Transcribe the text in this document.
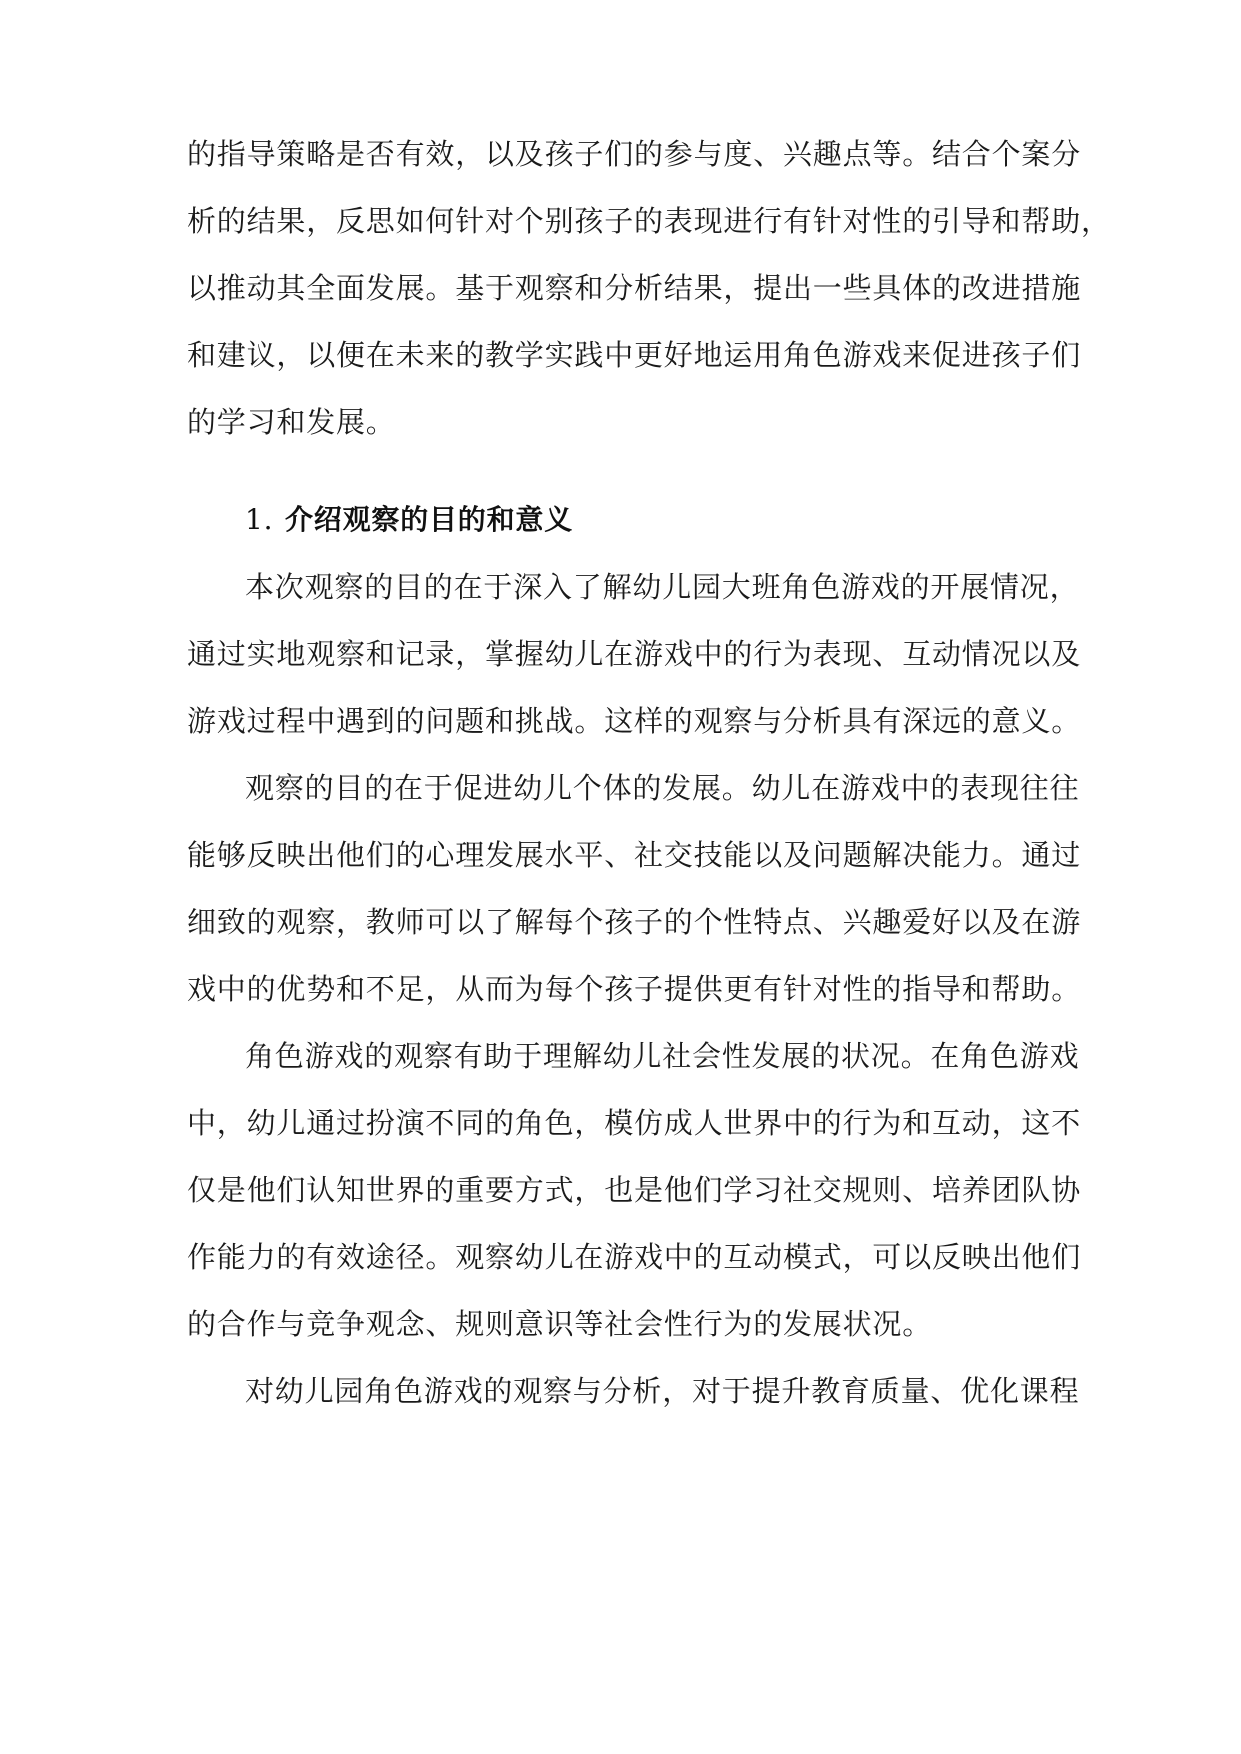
的指导策略是否有效，以及孩子们的参与度、兴趣点等。结合个案分

析的结果，反思如何针对个别孩子的表现进行有针对性的引导和帮助，

以推动其全面发展。基于观察和分析结果，提出一些具体的改进措施

和建议，以便在未来的教学实践中更好地运用角色游戏来促进孩子们

的学习和发展。

1. 介绍观察的目的和意义

本次观察的目的在于深入了解幼儿园大班角色游戏的开展情况，

通过实地观察和记录，掌握幼儿在游戏中的行为表现、互动情况以及

游戏过程中遇到的问题和挑战。这样的观察与分析具有深远的意义。

观察的目的在于促进幼儿个体的发展。幼儿在游戏中的表现往往

能够反映出他们的心理发展水平、社交技能以及问题解决能力。通过

细致的观察，教师可以了解每个孩子的个性特点、兴趣爱好以及在游

戏中的优势和不足，从而为每个孩子提供更有针对性的指导和帮助。

角色游戏的观察有助于理解幼儿社会性发展的状况。在角色游戏

中，幼儿通过扮演不同的角色，模仿成人世界中的行为和互动，这不

仅是他们认知世界的重要方式，也是他们学习社交规则、培养团队协

作能力的有效途径。观察幼儿在游戏中的互动模式，可以反映出他们

的合作与竞争观念、规则意识等社会性行为的发展状况。

对幼儿园角色游戏的观察与分析，对于提升教育质量、优化课程
